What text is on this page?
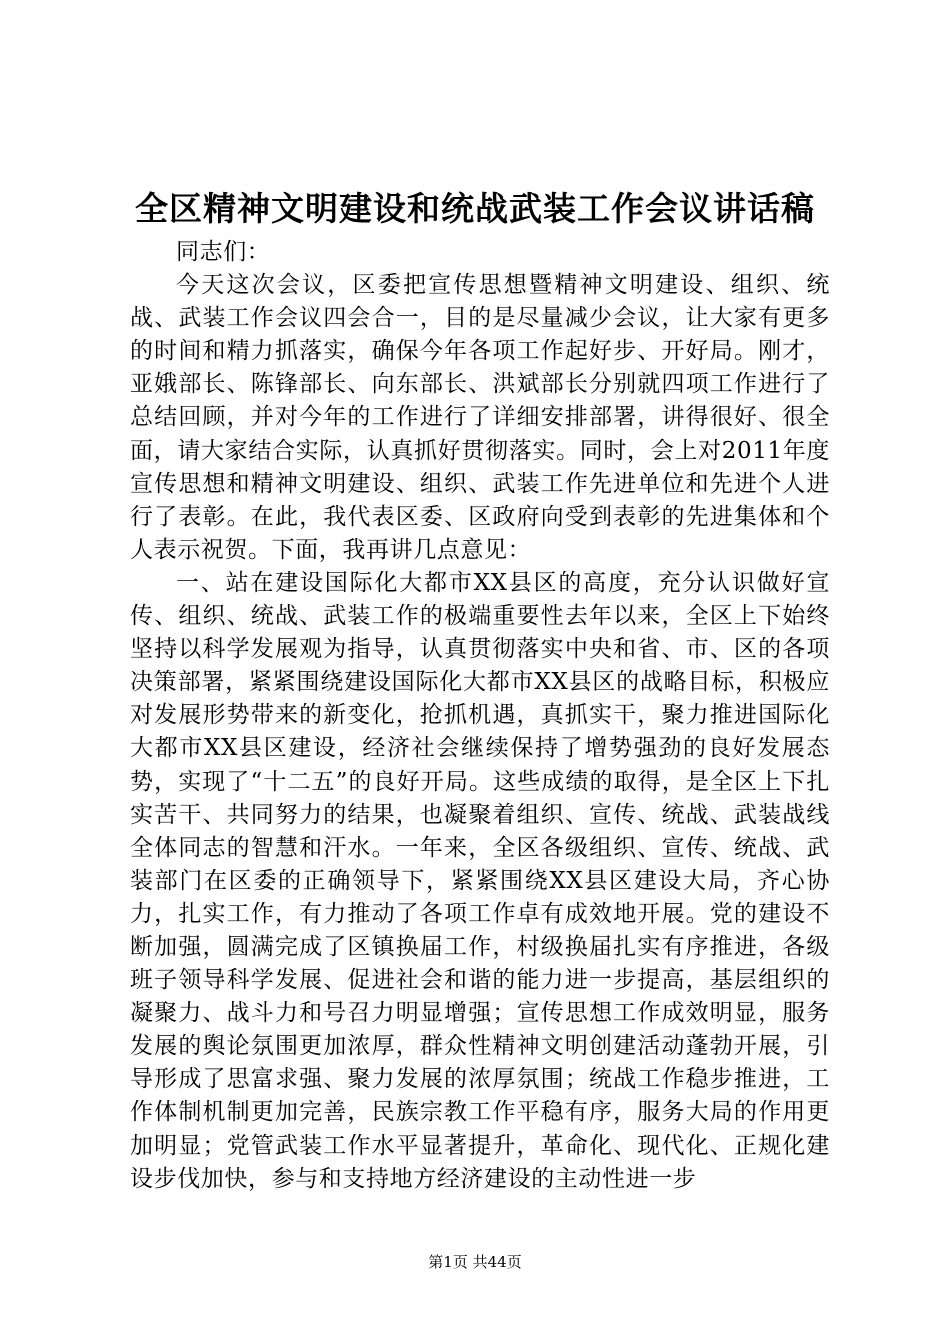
全区精神文明建设和统战武装工作会议讲话稿

同志们：

今天这次会议，区委把宣传思想暨精神文明建设、组织、统战、武装工作会议四会合一，目的是尽量减少会议，让大家有更多的时间和精力抓落实，确保今年各项工作起好步、开好局。刚才，亚娥部长、陈锋部长、向东部长、洪斌部长分别就四项工作进行了总结回顾，并对今年的工作进行了详细安排部署，讲得很好、很全面，请大家结合实际，认真抓好贯彻落实。同时，会上对2011年度宣传思想和精神文明建设、组织、武装工作先进单位和先进个人进行了表彰。在此，我代表区委、区政府向受到表彰的先进集体和个人表示祝贺。下面，我再讲几点意见：

一、站在建设国际化大都市XX县区的高度，充分认识做好宣传、组织、统战、武装工作的极端重要性去年以来，全区上下始终坚持以科学发展观为指导，认真贯彻落实中央和省、市、区的各项决策部署，紧紧围绕建设国际化大都市XX县区的战略目标，积极应对发展形势带来的新变化，抢抓机遇，真抓实干，聚力推进国际化大都市XX县区建设，经济社会继续保持了增势强劲的良好发展态势，实现了“十二五”的良好开局。这些成绩的取得，是全区上下扎实苦干、共同努力的结果，也凝聚着组织、宣传、统战、武装战线全体同志的智慧和汗水。一年来，全区各级组织、宣传、统战、武装部门在区委的正确领导下，紧紧围绕XX县区建设大局，齐心协力，扎实工作，有力推动了各项工作卓有成效地开展。党的建设不断加强，圆满完成了区镇换届工作，村级换届扎实有序推进，各级班子领导科学发展、促进社会和谐的能力进一步提高，基层组织的凝聚力、战斗力和号召力明显增强；宣传思想工作成效明显，服务发展的舆论氛围更加浓厚，群众性精神文明创建活动蓬勃开展，引导形成了思富求强、聚力发展的浓厚氛围；统战工作稳步推进，工作体制机制更加完善，民族宗教工作平稳有序，服务大局的作用更加明显；党管武装工作水平显著提升，革命化、现代化、正规化建设步伐加快，参与和支持地方经济建设的主动性进一步

第1页 共44页
